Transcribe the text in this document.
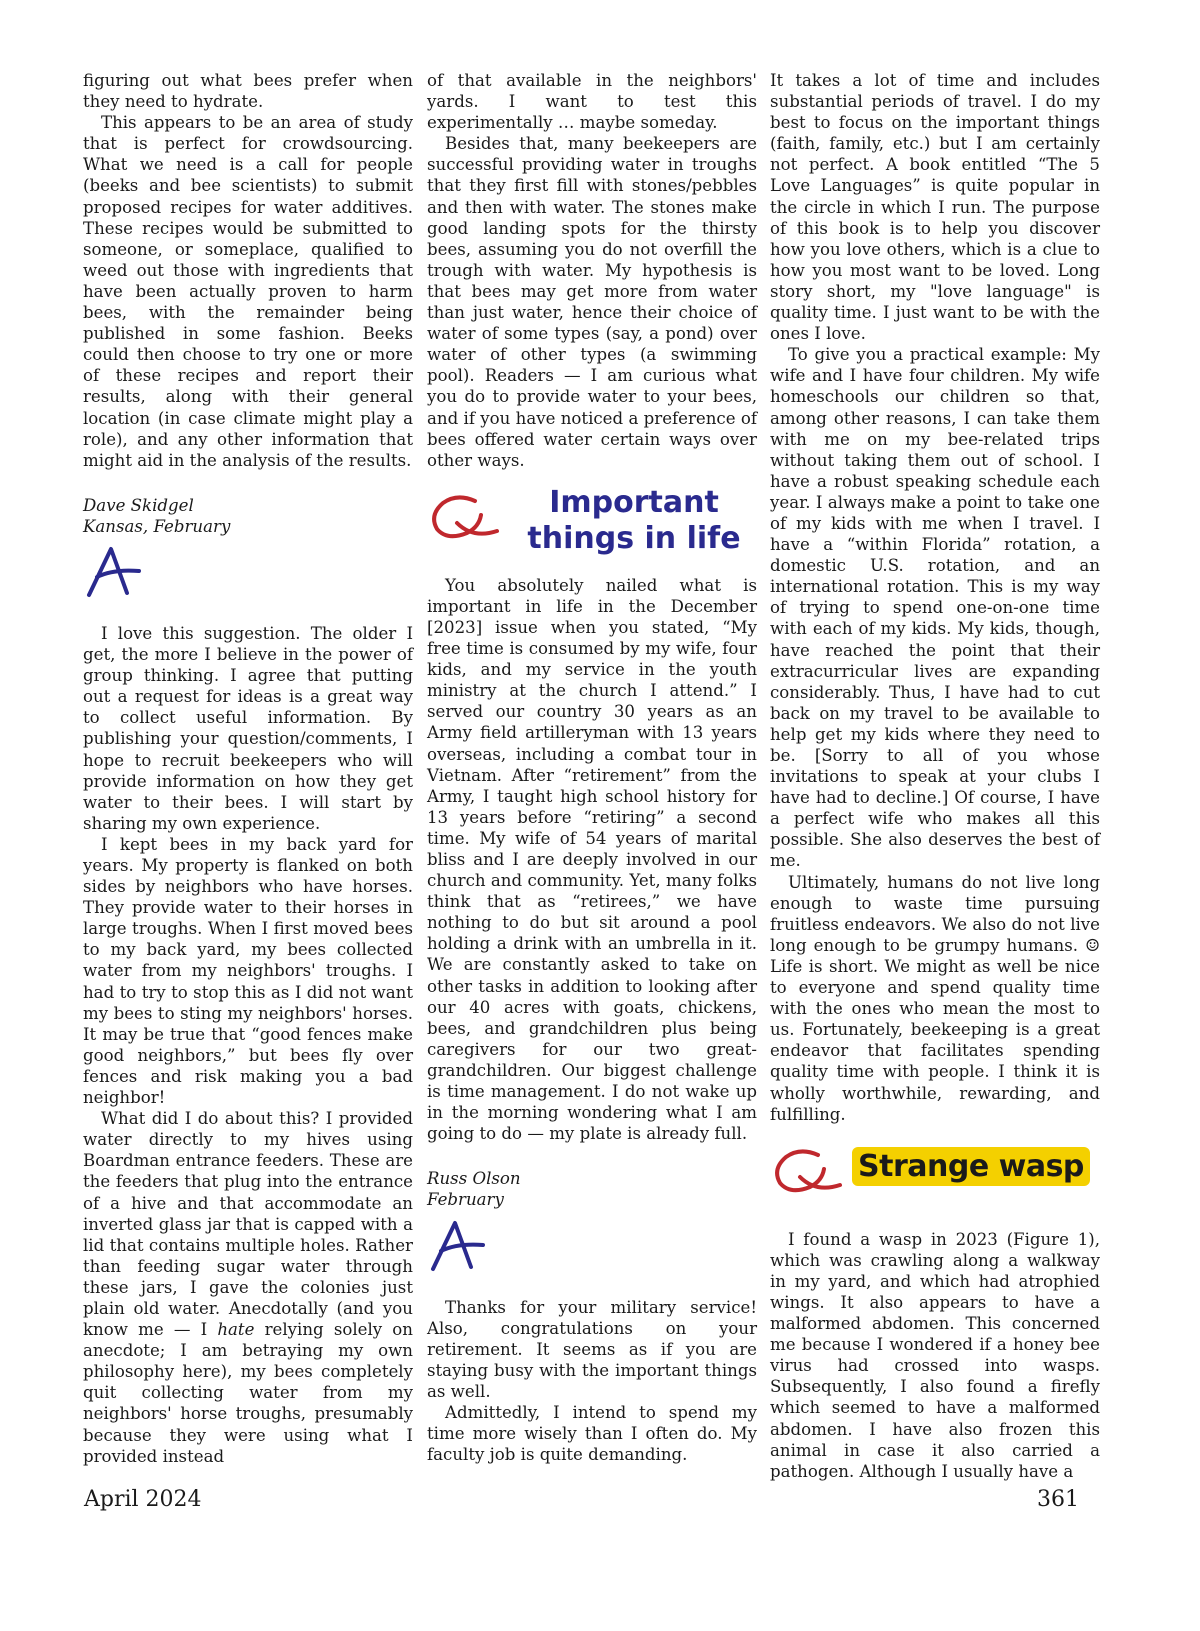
figuring out what bees prefer when they need to hydrate.

This appears to be an area of study that is perfect for crowdsourcing. What we need is a call for people (beeks and bee scientists) to submit proposed recipes for water additives. These recipes would be submitted to someone, or someplace, qualified to weed out those with ingredients that have been actually proven to harm bees, with the remainder being published in some fashion. Beeks could then choose to try one or more of these recipes and report their results, along with their general location (in case climate might play a role), and any other information that might aid in the analysis of the results.

Dave Skidgel

Kansas, February

I love this suggestion. The older I get, the more I believe in the power of group thinking. I agree that putting out a request for ideas is a great way to collect useful information. By publishing your question/comments, I hope to recruit beekeepers who will provide information on how they get water to their bees. I will start by sharing my own experience.

I kept bees in my back yard for years. My property is flanked on both sides by neighbors who have horses. They provide water to their horses in large troughs. When I first moved bees to my back yard, my bees collected water from my neighbors' troughs. I had to try to stop this as I did not want my bees to sting my neighbors' horses. It may be true that “good fences make good neighbors,” but bees fly over fences and risk making you a bad neighbor!

What did I do about this? I provided water directly to my hives using Boardman entrance feeders. These are the feeders that plug into the entrance of a hive and that accommodate an inverted glass jar that is capped with a lid that contains multiple holes. Rather than feeding sugar water through these jars, I gave the colonies just plain old water. Anecdotally (and you know me — I hate relying solely on anecdote; I am betraying my own philosophy here), my bees completely quit collecting water from my neighbors' horse troughs, presumably because they were using what I provided instead

of that available in the neighbors' yards. I want to test this experimentally … maybe someday.

Besides that, many beekeepers are successful providing water in troughs that they first fill with stones/pebbles and then with water. The stones make good landing spots for the thirsty bees, assuming you do not overfill the trough with water. My hypothesis is that bees may get more from water than just water, hence their choice of water of some types (say, a pond) over water of other types (a swimming pool). Readers — I am curious what you do to provide water to your bees, and if you have noticed a preference of bees offered water certain ways over other ways.

Important
things in life

You absolutely nailed what is important in life in the December [2023] issue when you stated, “My free time is consumed by my wife, four kids, and my service in the youth ministry at the church I attend.” I served our country 30 years as an Army field artilleryman with 13 years overseas, including a combat tour in Vietnam. After “retirement” from the Army, I taught high school history for 13 years before “retiring” a second time. My wife of 54 years of marital bliss and I are deeply involved in our church and community. Yet, many folks think that as “retirees,” we have nothing to do but sit around a pool holding a drink with an umbrella in it. We are constantly asked to take on other tasks in addition to looking after our 40 acres with goats, chickens, bees, and grandchildren plus being caregivers for our two great-grandchildren. Our biggest challenge is time management. I do not wake up in the morning wondering what I am going to do — my plate is already full.

Russ Olson

February

Thanks for your military service! Also, congratulations on your retirement. It seems as if you are staying busy with the important things as well.

Admittedly, I intend to spend my time more wisely than I often do. My faculty job is quite demanding.

It takes a lot of time and includes substantial periods of travel. I do my best to focus on the important things (faith, family, etc.) but I am certainly not perfect. A book entitled “The 5 Love Languages” is quite popular in the circle in which I run. The purpose of this book is to help you discover how you love others, which is a clue to how you most want to be loved. Long story short, my "love language" is quality time. I just want to be with the ones I love.

To give you a practical example: My wife and I have four children. My wife homeschools our children so that, among other reasons, I can take them with me on my bee-related trips without taking them out of school. I have a robust speaking schedule each year. I always make a point to take one of my kids with me when I travel. I have a “within Florida” rotation, a domestic U.S. rotation, and an international rotation. This is my way of trying to spend one-on-one time with each of my kids. My kids, though, have reached the point that their extracurricular lives are expanding considerably. Thus, I have had to cut back on my travel to be available to help get my kids where they need to be. [Sorry to all of you whose invitations to speak at your clubs I have had to decline.] Of course, I have a perfect wife who makes all this possible. She also deserves the best of me.

Ultimately, humans do not live long enough to waste time pursuing fruitless endeavors. We also do not live long enough to be grumpy humans. ☺ Life is short. We might as well be nice to everyone and spend quality time with the ones who mean the most to us. Fortunately, beekeeping is a great endeavor that facilitates spending quality time with people. I think it is wholly worthwhile, rewarding, and fulfilling.

Strange wasp

I found a wasp in 2023 (Figure 1), which was crawling along a walkway in my yard, and which had atrophied wings. It also appears to have a malformed abdomen. This concerned me because I wondered if a honey bee virus had crossed into wasps. Subsequently, I also found a firefly which seemed to have a malformed abdomen. I have also frozen this animal in case it also carried a pathogen. Although I usually have a

April 2024	361
